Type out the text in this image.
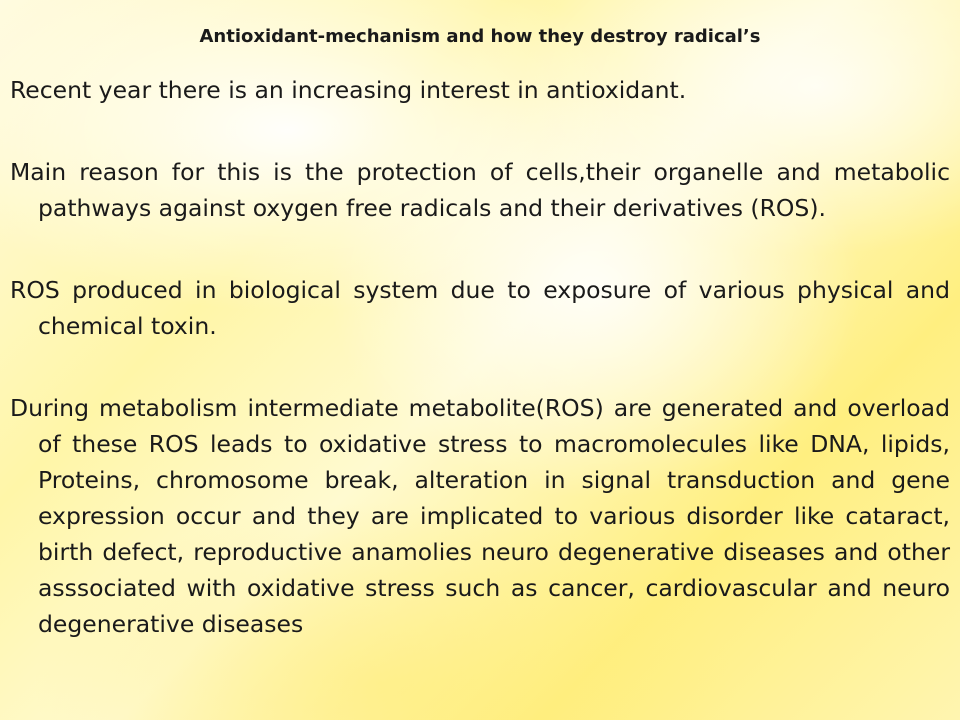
Antioxidant-mechanism and how they destroy radical’s

Recent year there is an increasing interest in antioxidant.

Main reason for this is the protection of cells,their organelle and metabolic pathways against oxygen free radicals and their derivatives (ROS).

ROS produced in biological system due to exposure of various physical and chemical toxin.

During metabolism intermediate metabolite(ROS) are generated and overload of these ROS leads to oxidative stress to macromolecules like DNA, lipids, Proteins, chromosome break, alteration in signal transduction and gene expression occur and they are implicated to various disorder like cataract, birth defect, reproductive anamolies neuro degenerative diseases and other asssociated with oxidative stress such as cancer, cardiovascular and neuro degenerative diseases
